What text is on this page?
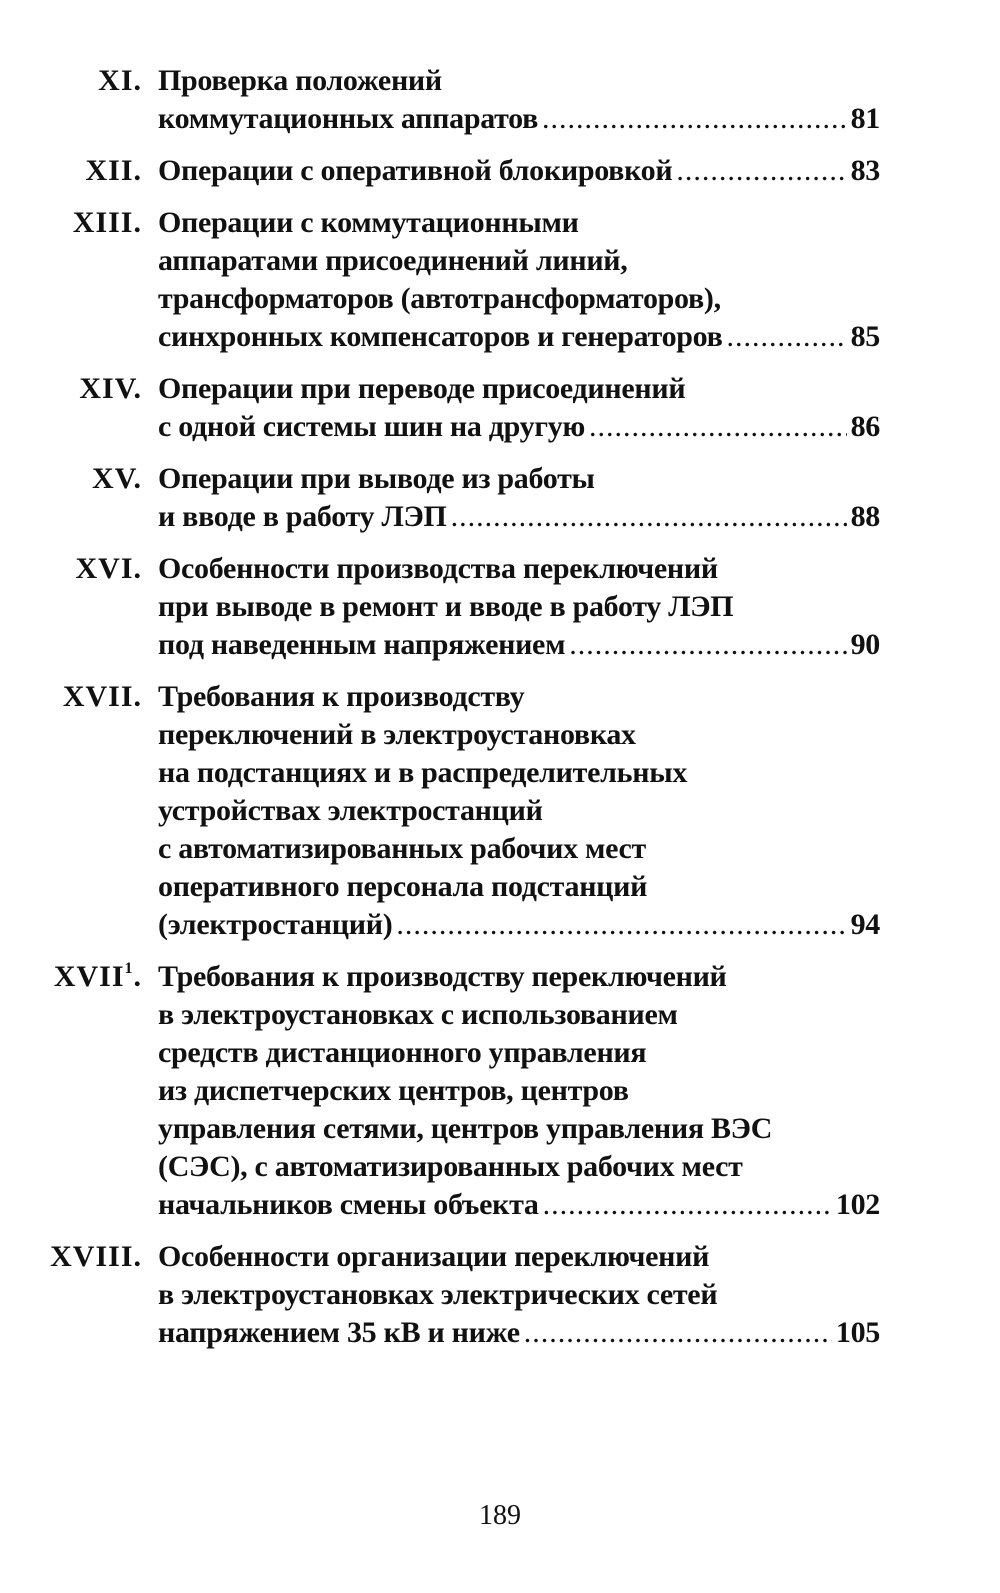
XI. Проверка положений
коммутационных аппаратов .....	81
XII. Операции с оперативной блокировкой .....	83
XIII. Операции с коммутационными
аппаратами присоединений линий,
трансформаторов (автотрансформаторов),
синхронных компенсаторов и генераторов .....	85
XIV. Операции при переводе присоединений
с одной системы шин на другую .....	86
XV. Операции при выводе из работы
и вводе в работу ЛЭП .....	88
XVI. Особенности производства переключений
при выводе в ремонт и вводе в работу ЛЭП
под наведенным напряжением .....	90
XVII. Требования к производству
переключений в электроустановках
на подстанциях и в распределительных
устройствах электростанций
с автоматизированных рабочих мест
оперативного персонала подстанций
(электростанций) .....	94
XVII$^1$. Требования к производству переключений
в электроустановках с использованием
средств дистанционного управления
из диспетчерских центров, центров
управления сетями, центров управления ВЭС
(СЭС), с автоматизированных рабочих мест
начальников смены объекта .....	102
XVIII. Особенности организации переключений
в электроустановках электрических сетей
напряжением 35 кВ и ниже .....	105
189
